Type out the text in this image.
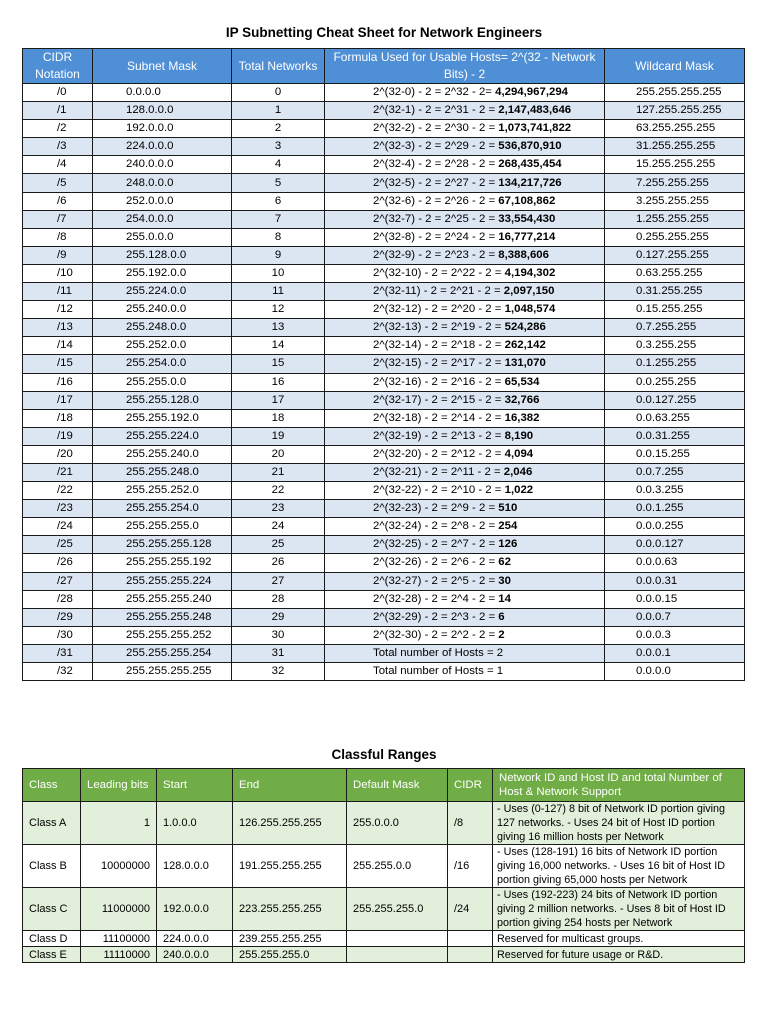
IP Subnetting Cheat Sheet for Network Engineers
CIDR Notation	Subnet Mask	Total Networks	Formula Used for Usable Hosts= 2^(32 - Network Bits) - 2	Wildcard Mask
/0	0.0.0.0	0	2^(32-0) - 2 = 2^32 - 2= 4,294,967,294	255.255.255.255
/1	128.0.0.0	1	2^(32-1) - 2 = 2^31 - 2 = 2,147,483,646	127.255.255.255
/2	192.0.0.0	2	2^(32-2) - 2 = 2^30 - 2 = 1,073,741,822	63.255.255.255
/3	224.0.0.0	3	2^(32-3) - 2 = 2^29 - 2 = 536,870,910	31.255.255.255
/4	240.0.0.0	4	2^(32-4) - 2 = 2^28 - 2 = 268,435,454	15.255.255.255
/5	248.0.0.0	5	2^(32-5) - 2 = 2^27 - 2 = 134,217,726	7.255.255.255
/6	252.0.0.0	6	2^(32-6) - 2 = 2^26 - 2 = 67,108,862	3.255.255.255
/7	254.0.0.0	7	2^(32-7) - 2 = 2^25 - 2 = 33,554,430	1.255.255.255
/8	255.0.0.0	8	2^(32-8) - 2 = 2^24 - 2 = 16,777,214	0.255.255.255
/9	255.128.0.0	9	2^(32-9) - 2 = 2^23 - 2 = 8,388,606	0.127.255.255
/10	255.192.0.0	10	2^(32-10) - 2 = 2^22 - 2 = 4,194,302	0.63.255.255
/11	255.224.0.0	11	2^(32-11) - 2 = 2^21 - 2 = 2,097,150	0.31.255.255
/12	255.240.0.0	12	2^(32-12) - 2 = 2^20 - 2 = 1,048,574	0.15.255.255
/13	255.248.0.0	13	2^(32-13) - 2 = 2^19 - 2 = 524,286	0.7.255.255
/14	255.252.0.0	14	2^(32-14) - 2 = 2^18 - 2 = 262,142	0.3.255.255
/15	255.254.0.0	15	2^(32-15) - 2 = 2^17 - 2 = 131,070	0.1.255.255
/16	255.255.0.0	16	2^(32-16) - 2 = 2^16 - 2 = 65,534	0.0.255.255
/17	255.255.128.0	17	2^(32-17) - 2 = 2^15 - 2 = 32,766	0.0.127.255
/18	255.255.192.0	18	2^(32-18) - 2 = 2^14 - 2 = 16,382	0.0.63.255
/19	255.255.224.0	19	2^(32-19) - 2 = 2^13 - 2 = 8,190	0.0.31.255
/20	255.255.240.0	20	2^(32-20) - 2 = 2^12 - 2 = 4,094	0.0.15.255
/21	255.255.248.0	21	2^(32-21) - 2 = 2^11 - 2 = 2,046	0.0.7.255
/22	255.255.252.0	22	2^(32-22) - 2 = 2^10 - 2 = 1,022	0.0.3.255
/23	255.255.254.0	23	2^(32-23) - 2 = 2^9 - 2 = 510	0.0.1.255
/24	255.255.255.0	24	2^(32-24) - 2 = 2^8 - 2 = 254	0.0.0.255
/25	255.255.255.128	25	2^(32-25) - 2 = 2^7 - 2 = 126	0.0.0.127
/26	255.255.255.192	26	2^(32-26) - 2 = 2^6 - 2 = 62	0.0.0.63
/27	255.255.255.224	27	2^(32-27) - 2 = 2^5 - 2 = 30	0.0.0.31
/28	255.255.255.240	28	2^(32-28) - 2 = 2^4 - 2 = 14	0.0.0.15
/29	255.255.255.248	29	2^(32-29) - 2 = 2^3 - 2 = 6	0.0.0.7
/30	255.255.255.252	30	2^(32-30) - 2 = 2^2 - 2 = 2	0.0.0.3
/31	255.255.255.254	31	Total number of Hosts = 2	0.0.0.1
/32	255.255.255.255	32	Total number of Hosts = 1	0.0.0.0
Classful Ranges
Class	Leading bits	Start	End	Default Mask	CIDR	Network ID and Host ID and total Number of Host & Network Support
Class A	1	1.0.0.0	126.255.255.255	255.0.0.0	/8	- Uses (0-127) 8 bit of Network ID portion giving 127 networks. - Uses 24 bit of Host ID portion giving 16 million hosts per Network
Class B	10000000	128.0.0.0	191.255.255.255	255.255.0.0	/16	- Uses (128-191) 16 bits of Network ID portion giving 16,000 networks. - Uses 16 bit of Host ID portion giving 65,000 hosts per Network
Class C	11000000	192.0.0.0	223.255.255.255	255.255.255.0	/24	- Uses (192-223) 24 bits of Network ID portion giving 2 million networks. - Uses 8 bit of Host ID portion giving 254 hosts per Network
Class D	11100000	224.0.0.0	239.255.255.255			Reserved for multicast groups.
Class E	11110000	240.0.0.0	255.255.255.0			Reserved for future usage or R&D.
